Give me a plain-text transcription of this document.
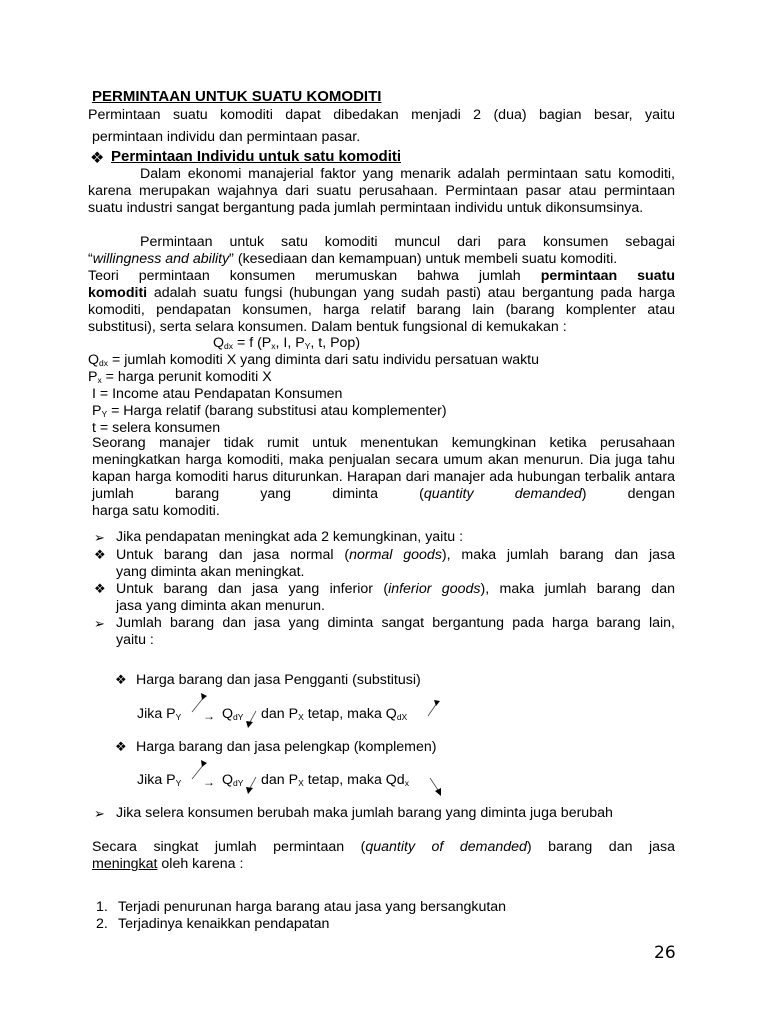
PERMINTAAN UNTUK SUATU KOMODITI
Permintaan suatu komoditi dapat dibedakan menjadi 2 (dua) bagian besar, yaitu
permintaan individu dan permintaan pasar.
❖ Permintaan Individu untuk satu komoditi
Dalam ekonomi manajerial faktor yang menarik adalah permintaan satu komoditi, karena merupakan wajahnya dari suatu perusahaan. Permintaan pasar atau permintaan suatu industri sangat bergantung pada jumlah permintaan individu untuk dikonsumsinya.
Permintaan untuk satu komoditi muncul dari para konsumen sebagai
“willingness and ability” (kesediaan dan kemampuan) untuk membeli suatu komoditi.
Teori permintaan konsumen merumuskan bahwa jumlah permintaan suatu
komoditi adalah suatu fungsi (hubungan yang sudah pasti) atau bergantung pada harga komoditi, pendapatan konsumen, harga relatif barang lain (barang komplenter atau substitusi), serta selara konsumen. Dalam bentuk fungsional di kemukakan :
$Q_{dx} = f$ ($P_x$, I, $P_Y$, t, Pop)
$Q_{dx}$ = jumlah komoditi X yang diminta dari satu individu persatuan waktu
$P_x$ = harga perunit komoditi X
I = Income atau Pendapatan Konsumen
$P_Y$ = Harga relatif (barang substitusi atau komplementer)
t = selera konsumen
Seorang manajer tidak rumit untuk menentukan kemungkinan ketika perusahaan meningkatkan harga komoditi, maka penjualan secara umum akan menurun. Dia juga tahu kapan harga komoditi harus diturunkan. Harapan dari manajer ada hubungan terbalik antara jumlah barang yang diminta (quantity demanded) dengan
harga satu komoditi.
➢ Jika pendapatan meningkat ada 2 kemungkinan, yaitu :
❖ Untuk barang dan jasa normal (normal goods), maka jumlah barang dan jasa
yang diminta akan meningkat.
❖ Untuk barang dan jasa yang inferior (inferior goods), maka jumlah barang dan
jasa yang diminta akan menurun.
➢ Jumlah barang dan jasa yang diminta sangat bergantung pada harga barang lain,
yaitu :
❖ Harga barang dan jasa Pengganti (substitusi)
Jika $P_Y \to Q_{dY}$ dan $P_X$ tetap, maka $Q_{dX}$
❖ Harga barang dan jasa pelengkap (komplemen)
Jika $P_Y \to Q_{dY}$ dan $P_X$ tetap, maka $Qd_x$
➢ Jika selera konsumen berubah maka jumlah barang yang diminta juga berubah
Secara singkat jumlah permintaan (quantity of demanded) barang dan jasa
meningkat oleh karena :
1. Terjadi penurunan harga barang atau jasa yang bersangkutan
2. Terjadinya kenaikkan pendapatan
26
